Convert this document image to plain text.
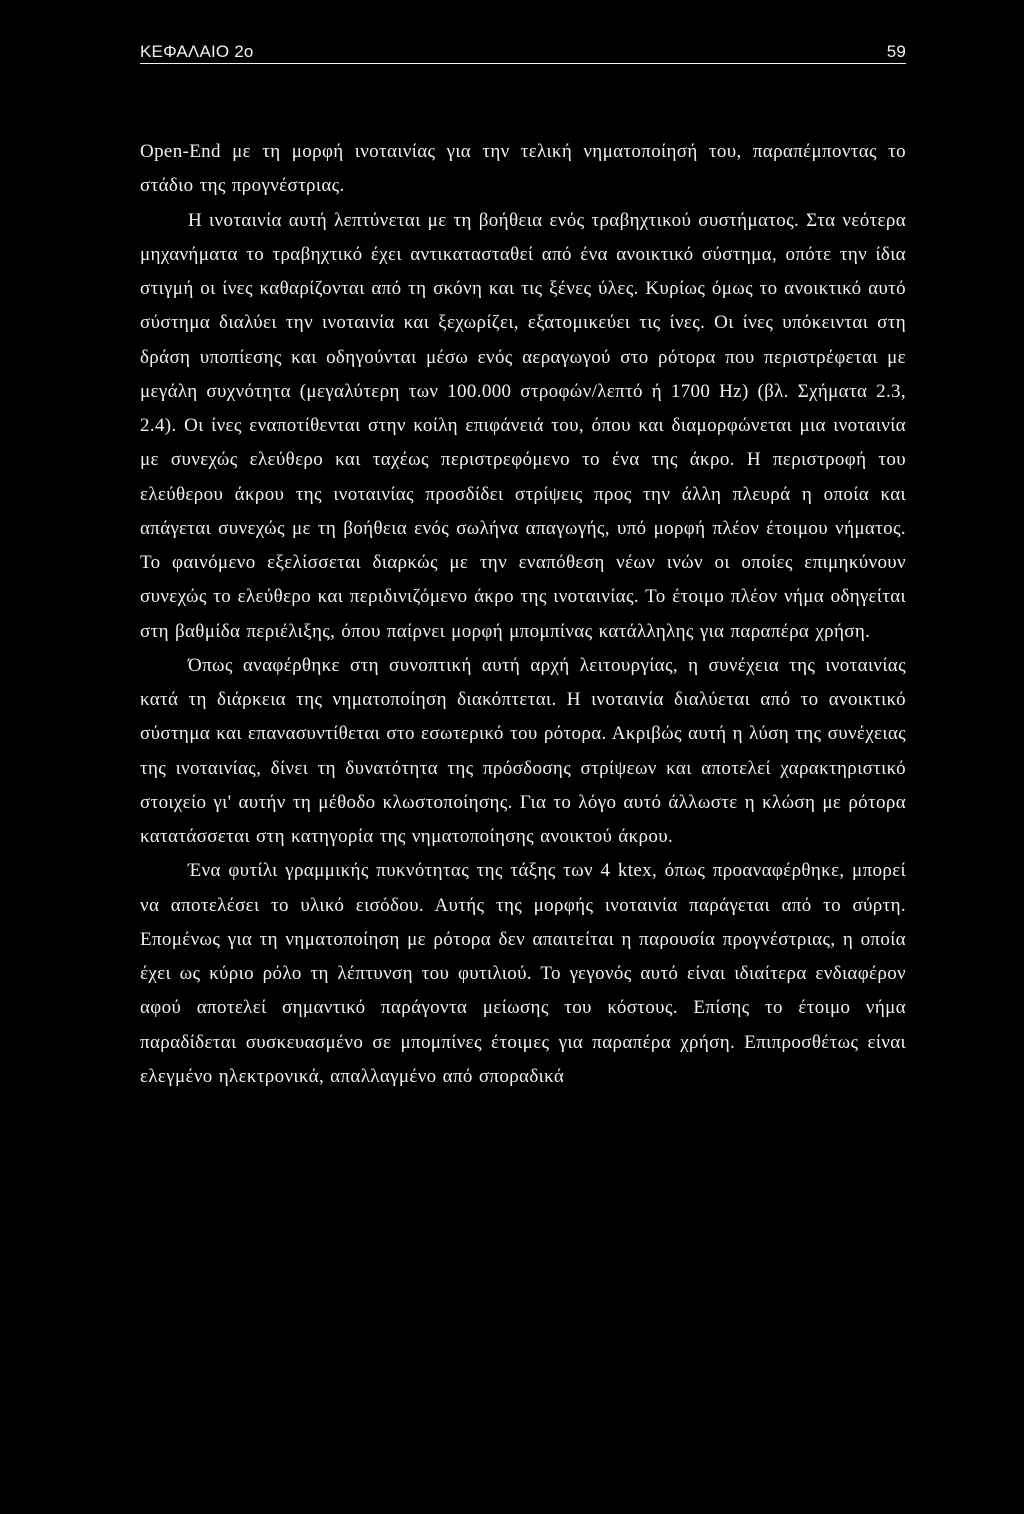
ΚΕΦΑΛΑΙΟ 2ο	59

Open-End με τη μορφή ινοταινίας για την τελική νηματοποίησή του, παραπέμποντας το στάδιο της προγνέστριας.

Η ινοταινία αυτή λεπτύνεται με τη βοήθεια ενός τραβηχτικού συστήματος. Στα νεότερα μηχανήματα το τραβηχτικό έχει αντικατασταθεί από ένα ανοικτικό σύστημα, οπότε την ίδια στιγμή οι ίνες καθαρίζονται από τη σκόνη και τις ξένες ύλες. Κυρίως όμως το ανοικτικό αυτό σύστημα διαλύει την ινοταινία και ξεχωρίζει, εξατομικεύει τις ίνες. Οι ίνες υπόκεινται στη δράση υποπίεσης και οδηγούνται μέσω ενός αεραγωγού στο ρότορα που περιστρέφεται με μεγάλη συχνότητα (μεγαλύτερη των 100.000 στροφών/λεπτό ή 1700 Hz) (βλ. Σχήματα 2.3, 2.4). Οι ίνες εναποτίθενται στην κοίλη επιφάνειά του, όπου και διαμορφώνεται μια ινοταινία με συνεχώς ελεύθερο και ταχέως περιστρεφόμενο το ένα της άκρο. Η περιστροφή του ελεύθερου άκρου της ινοταινίας προσδίδει στρίψεις προς την άλλη πλευρά η οποία και απάγεται συνεχώς με τη βοήθεια ενός σωλήνα απαγωγής, υπό μορφή πλέον έτοιμου νήματος. Το φαινόμενο εξελίσσεται διαρκώς με την εναπόθεση νέων ινών οι οποίες επιμηκύνουν συνεχώς το ελεύθερο και περιδινιζόμενο άκρο της ινοταινίας. Το έτοιμο πλέον νήμα οδηγείται στη βαθμίδα περιέλιξης, όπου παίρνει μορφή μπομπίνας κατάλληλης για παραπέρα χρήση.

Όπως αναφέρθηκε στη συνοπτική αυτή αρχή λειτουργίας, η συνέχεια της ινοταινίας κατά τη διάρκεια της νηματοποίηση διακόπτεται. Η ινοταινία διαλύεται από το ανοικτικό σύστημα και επανασυντίθεται στο εσωτερικό του ρότορα. Ακριβώς αυτή η λύση της συνέχειας της ινοταινίας, δίνει τη δυνατότητα της πρόσδοσης στρίψεων και αποτελεί χαρακτηριστικό στοιχείο γι' αυτήν τη μέθοδο κλωστοποίησης. Για το λόγο αυτό άλλωστε η κλώση με ρότορα κατατάσσεται στη κατηγορία της νηματοποίησης ανοικτού άκρου.

Ένα φυτίλι γραμμικής πυκνότητας της τάξης των 4 ktex, όπως προαναφέρθηκε, μπορεί να αποτελέσει το υλικό εισόδου. Αυτής της μορφής ινοταινία παράγεται από το σύρτη. Επομένως για τη νηματοποίηση με ρότορα δεν απαιτείται η παρουσία προγνέστριας, η οποία έχει ως κύριο ρόλο τη λέπτυνση του φυτιλιού. Το γεγονός αυτό είναι ιδιαίτερα ενδιαφέρον αφού αποτελεί σημαντικό παράγοντα μείωσης του κόστους. Επίσης το έτοιμο νήμα παραδίδεται συσκευασμένο σε μπομπίνες έτοιμες για παραπέρα χρήση. Επιπροσθέτως είναι ελεγμένο ηλεκτρονικά, απαλλαγμένο από σποραδικά
